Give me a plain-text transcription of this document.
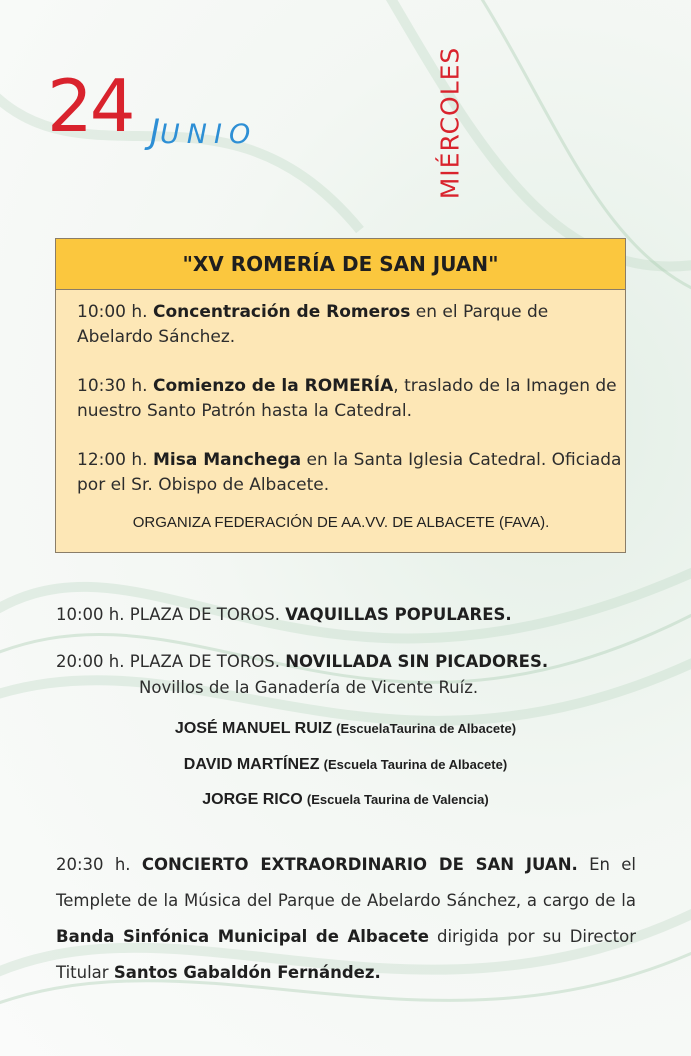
24 JUNIO	MIÉRCOLES
"XV ROMERÍA DE SAN JUAN"
10:00 h. Concentración de Romeros en el Parque de Abelardo Sánchez.
10:30 h. Comienzo de la ROMERÍA, traslado de la Imagen de nuestro Santo Patrón hasta la Catedral.
12:00 h. Misa Manchega en la Santa Iglesia Catedral. Oficiada por el Sr. Obispo de Albacete.
ORGANIZA FEDERACIÓN DE AA.VV. DE ALBACETE (FAVA).
10:00 h. PLAZA DE TOROS. VAQUILLAS POPULARES.
20:00 h. PLAZA DE TOROS. NOVILLADA SIN PICADORES.
Novillos de la Ganadería de Vicente Ruíz.
JOSÉ MANUEL RUIZ (EscuelaTaurina de Albacete)
DAVID MARTÍNEZ (Escuela Taurina de Albacete)
JORGE RICO (Escuela Taurina de Valencia)
20:30 h. CONCIERTO EXTRAORDINARIO DE SAN JUAN. En el Templete de la Música del Parque de Abelardo Sánchez, a cargo de la Banda Sinfónica Municipal de Albacete dirigida por su Director Titular Santos Gabaldón Fernández.
